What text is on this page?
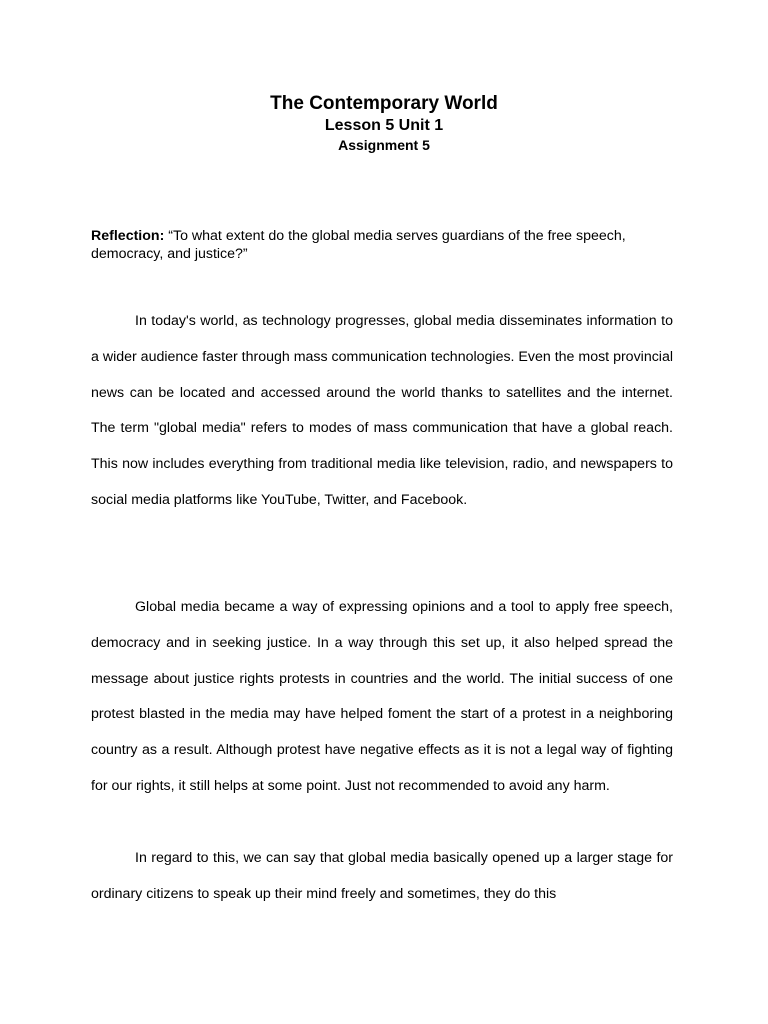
The Contemporary World
Lesson 5 Unit 1
Assignment 5
Reflection: “To what extent do the global media serves guardians of the free speech, democracy, and justice?”

In today's world, as technology progresses, global media disseminates information to a wider audience faster through mass communication technologies. Even the most provincial news can be located and accessed around the world thanks to satellites and the internet. The term "global media" refers to modes of mass communication that have a global reach. This now includes everything from traditional media like television, radio, and newspapers to social media platforms like YouTube, Twitter, and Facebook.

Global media became a way of expressing opinions and a tool to apply free speech, democracy and in seeking justice. In a way through this set up, it also helped spread the message about justice rights protests in countries and the world. The initial success of one protest blasted in the media may have helped foment the start of a protest in a neighboring country as a result. Although protest have negative effects as it is not a legal way of fighting for our rights, it still helps at some point. Just not recommended to avoid any harm.

In regard to this, we can say that global media basically opened up a larger stage for ordinary citizens to speak up their mind freely and sometimes, they do this
